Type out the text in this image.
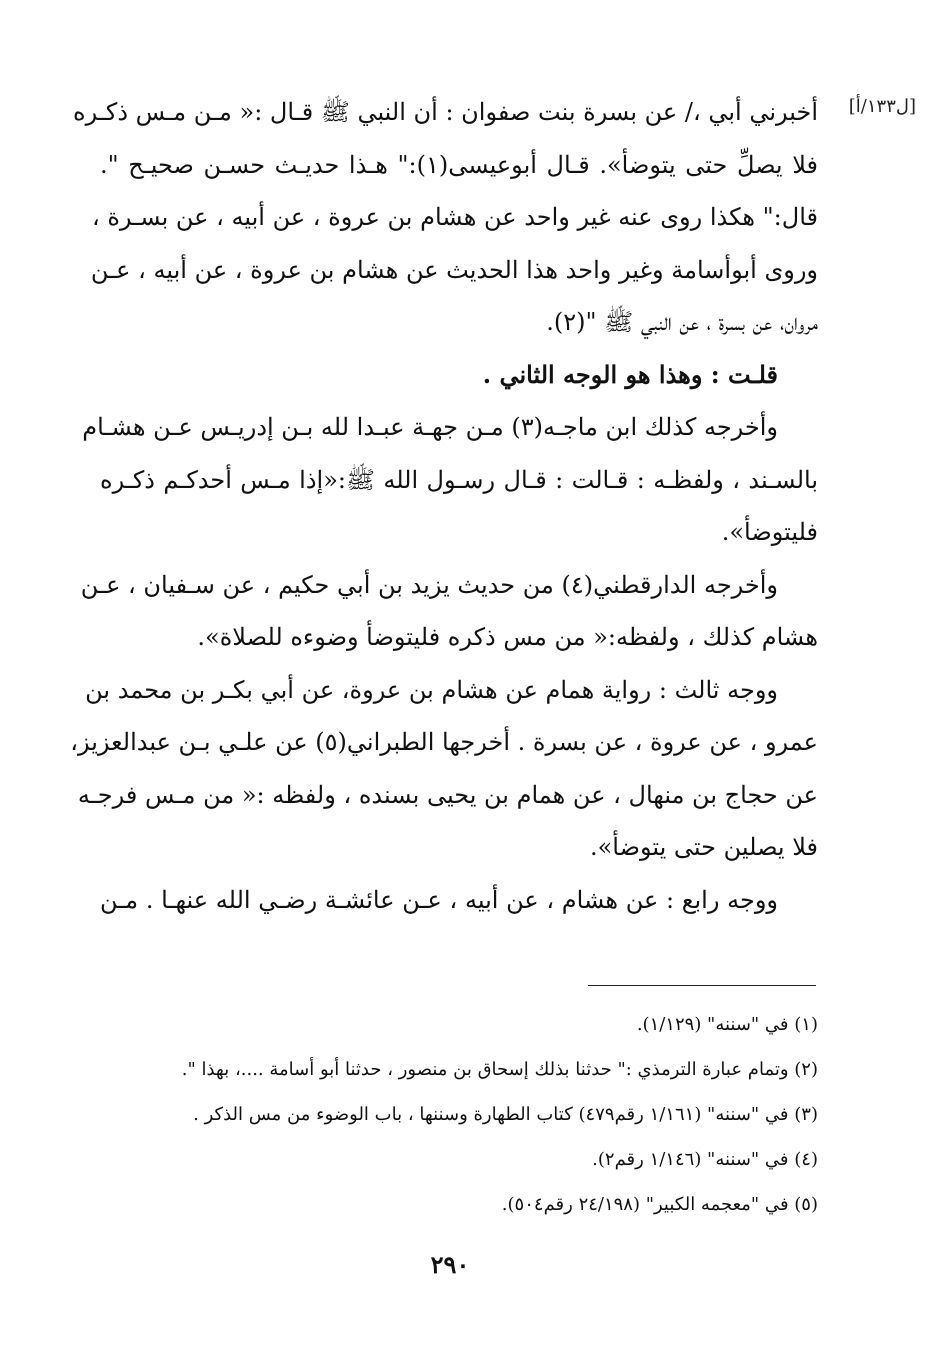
[ل١٣٣/أ]
أخبرني أبي ،/ عن بسرة بنت صفوان : أن النبي ﷺ قـال :« مـن مـس ذكـره
فلا يصلِّ حتى يتوضأ». قـال أبوعيسى(١):" هـذا حديـث حسـن صحيـح ".
قال:" هكذا روى عنه غير واحد عن هشام بن عروة ، عن أبيه ، عن بسـرة ،
وروى أبوأسامة وغير واحد هذا الحديث عن هشام بن عروة ، عن أبيه ، عـن
مروان، عن بسرة ، عن النبي ﷺ "(٢).
قلـت : وهذا هو الوجه الثاني .
وأخرجه كذلك ابن ماجـه(٣) مـن جهـة عبـدا لله بـن إدريـس عـن هشـام
بالسـند ، ولفظـه : قـالت : قـال رسـول الله ﷺ:«إذا مـس أحدكـم ذكـره
فليتوضأ».
وأخرجه الدارقطني(٤) من حديث يزيد بن أبي حكيم ، عن سـفيان ، عـن
هشام كذلك ، ولفظه:« من مس ذكره فليتوضأ وضوءه للصلاة».
ووجه ثالث : رواية همام عن هشام بن عروة، عن أبي بكـر بن محمد بن
عمرو ، عن عروة ، عن بسرة . أخرجها الطبراني(٥) عن علـي بـن عبدالعزيز،
عن حجاج بن منهال ، عن همام بن يحيى بسنده ، ولفظه :« من مـس فرجـه
فلا يصلين حتى يتوضأ».
ووجه رابع : عن هشام ، عن أبيه ، عـن عائشـة رضـي الله عنهـا . مـن
(١) في "سننه" (١/١٢٩).
(٢) وتمام عبارة الترمذي :" حدثنا بذلك إسحاق بن منصور ، حدثنا أبو أسامة ....، بهذا ".
(٣) في "سننه" (١/١٦١ رقم٤٧٩) كتاب الطهارة وسننها ، باب الوضوء من مس الذكر .
(٤) في "سننه" (١/١٤٦ رقم٢).
(٥) في "معجمه الكبير" (٢٤/١٩٨ رقم٥٠٤).
٢٩٠
